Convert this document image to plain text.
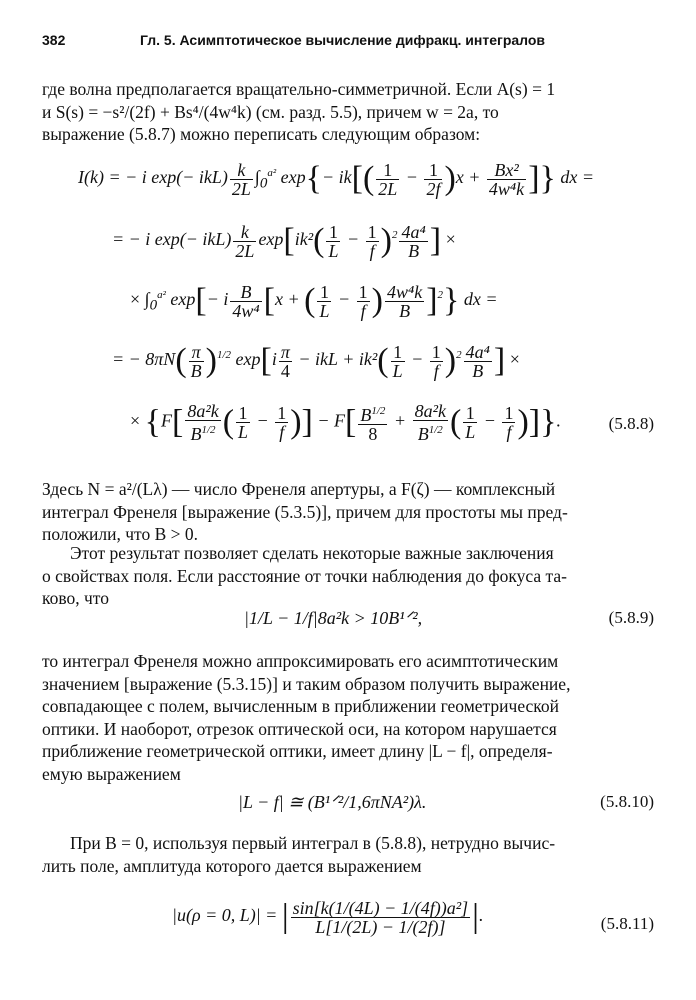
382	Гл. 5. Асимптотическое вычисление дифракц. интегралов
где волна предполагается вращательно-симметричной. Если A(s) = 1
и S(s) = −s²/(2f) + Bs⁴/(4w⁴k) (см. разд. 5.5), причем w = 2a, то
выражение (5.8.7) можно переписать следующим образом:
I(k) = − i $\exp(- ikL) \frac{k}{2L} \int_0^{a^2}$ $\exp\{- ik[( \frac{1}{2L} - \frac{1}{2f} )x + \frac{\text{Bx²}}{\text{4w⁴k}}$ ]} dx =
= − i $\exp(- ikL) \frac{k}{2L} \exp[ik^2( \frac{1}{L} - \frac{1}{f} )^2 \frac{\text{4a⁴}}{B}$ ] ×
× $\int_0^{a^2}$ exp[− i $\frac{B}{\text{4w⁴}} [x$ + ( $\frac{1}{L} - \frac{1}{f}$ ) $\frac{\text{4w⁴k}}{B} ]^2$} dx =
= − $8\pi N( \frac{\pi}{B} )^{1/2}$ $\exp[i \frac{\pi}{4}$ − ikL + $ik^2( \frac{1}{L} - \frac{1}{f} )^2 \frac{\text{4a⁴}}{B}$ ] ×
× {$F[ \frac{\text{8a²k}}{B^{1/2}}$ ( $\frac{1}{L} - \frac{1}{f}$ )] − $F[ \frac{B^{1/2}}{8} + \frac{\text{8a²k}}{B^{1/2}}$ ( $\frac{1}{L} - \frac{1}{f}$ )]}.	(5.8.8)
Здесь N = a²/(Lλ) — число Френеля апертуры, а F(ζ) — комплексный
интеграл Френеля [выражение (5.3.5)], причем для простоты мы пред-
положили, что B > 0.
Этот результат позволяет сделать некоторые важные заключения
о свойствах поля. Если расстояние от точки наблюдения до фокуса та-
ково, что
|1/L − 1/f|8a²k > 10B¹ᐟ²,	(5.8.9)
то интеграл Френеля можно аппроксимировать его асимптотическим
значением [выражение (5.3.15)] и таким образом получить выражение,
совпадающее с полем, вычисленным в приближении геометрической
оптики. И наоборот, отрезок оптической оси, на котором нарушается
приближение геометрической оптики, имеет длину |L − f|, определя-
емую выражением
|L − f| ≅ (B¹ᐟ²/1,6πNA²)λ.	(5.8.10)
При B = 0, используя первый интеграл в (5.8.8), нетрудно вычис-
лить поле, амплитуда которого дается выражением
|u(ρ = 0, L)| = | $\frac{\text{sin[k(1/(4L) − 1/(4f))a²]}}{L[1/(2L) - 1/(2f)]}$ |.	(5.8.11)
